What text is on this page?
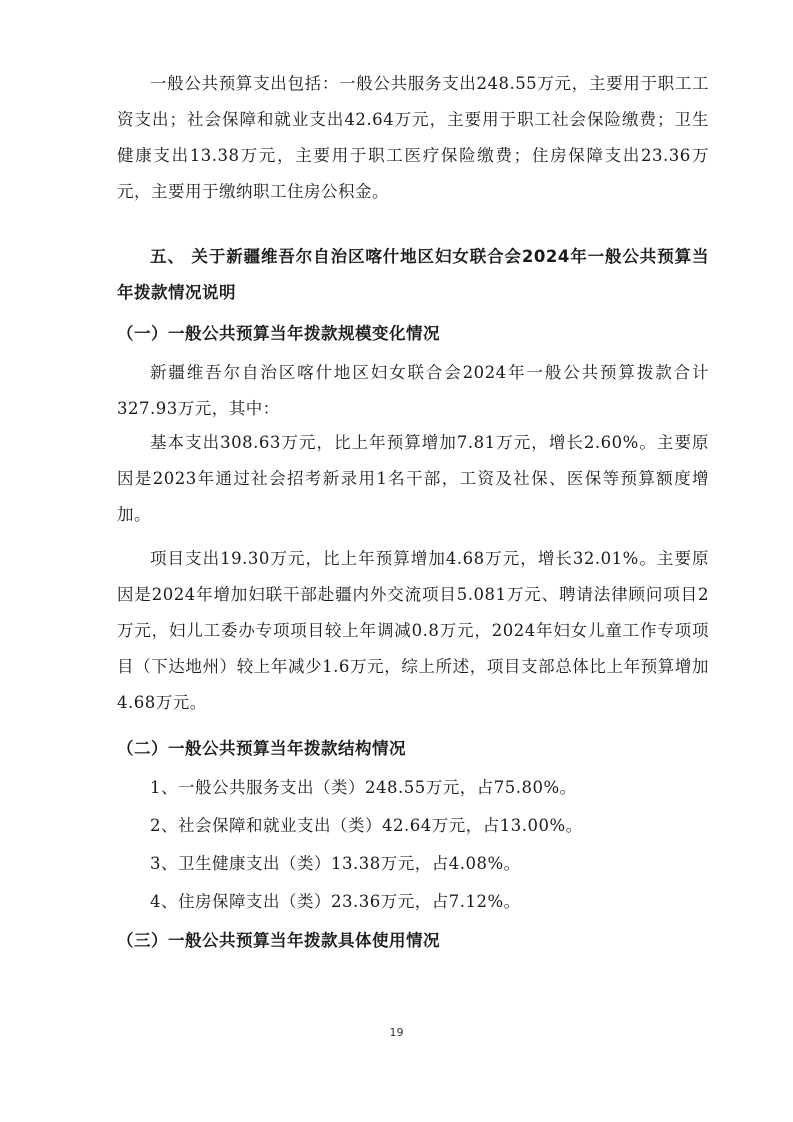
一般公共预算支出包括：一般公共服务支出248.55万元，主要用于职工工资支出；社会保障和就业支出42.64万元，主要用于职工社会保险缴费；卫生健康支出13.38万元，主要用于职工医疗保险缴费；住房保障支出23.36万元，主要用于缴纳职工住房公积金。

五、 关于新疆维吾尔自治区喀什地区妇女联合会2024年一般公共预算当年拨款情况说明

（一）一般公共预算当年拨款规模变化情况

新疆维吾尔自治区喀什地区妇女联合会2024年一般公共预算拨款合计327.93万元，其中：

基本支出308.63万元，比上年预算增加7.81万元，增长2.60%。主要原因是2023年通过社会招考新录用1名干部，工资及社保、医保等预算额度增加。

项目支出19.30万元，比上年预算增加4.68万元，增长32.01%。主要原因是2024年增加妇联干部赴疆内外交流项目5.081万元、聘请法律顾问项目2万元，妇儿工委办专项项目较上年调减0.8万元，2024年妇女儿童工作专项项目（下达地州）较上年减少1.6万元，综上所述，项目支部总体比上年预算增加4.68万元。

（二）一般公共预算当年拨款结构情况

1、一般公共服务支出（类）248.55万元，占75.80%。

2、社会保障和就业支出（类）42.64万元，占13.00%。

3、卫生健康支出（类）13.38万元，占4.08%。

4、住房保障支出（类）23.36万元，占7.12%。

（三）一般公共预算当年拨款具体使用情况

19
